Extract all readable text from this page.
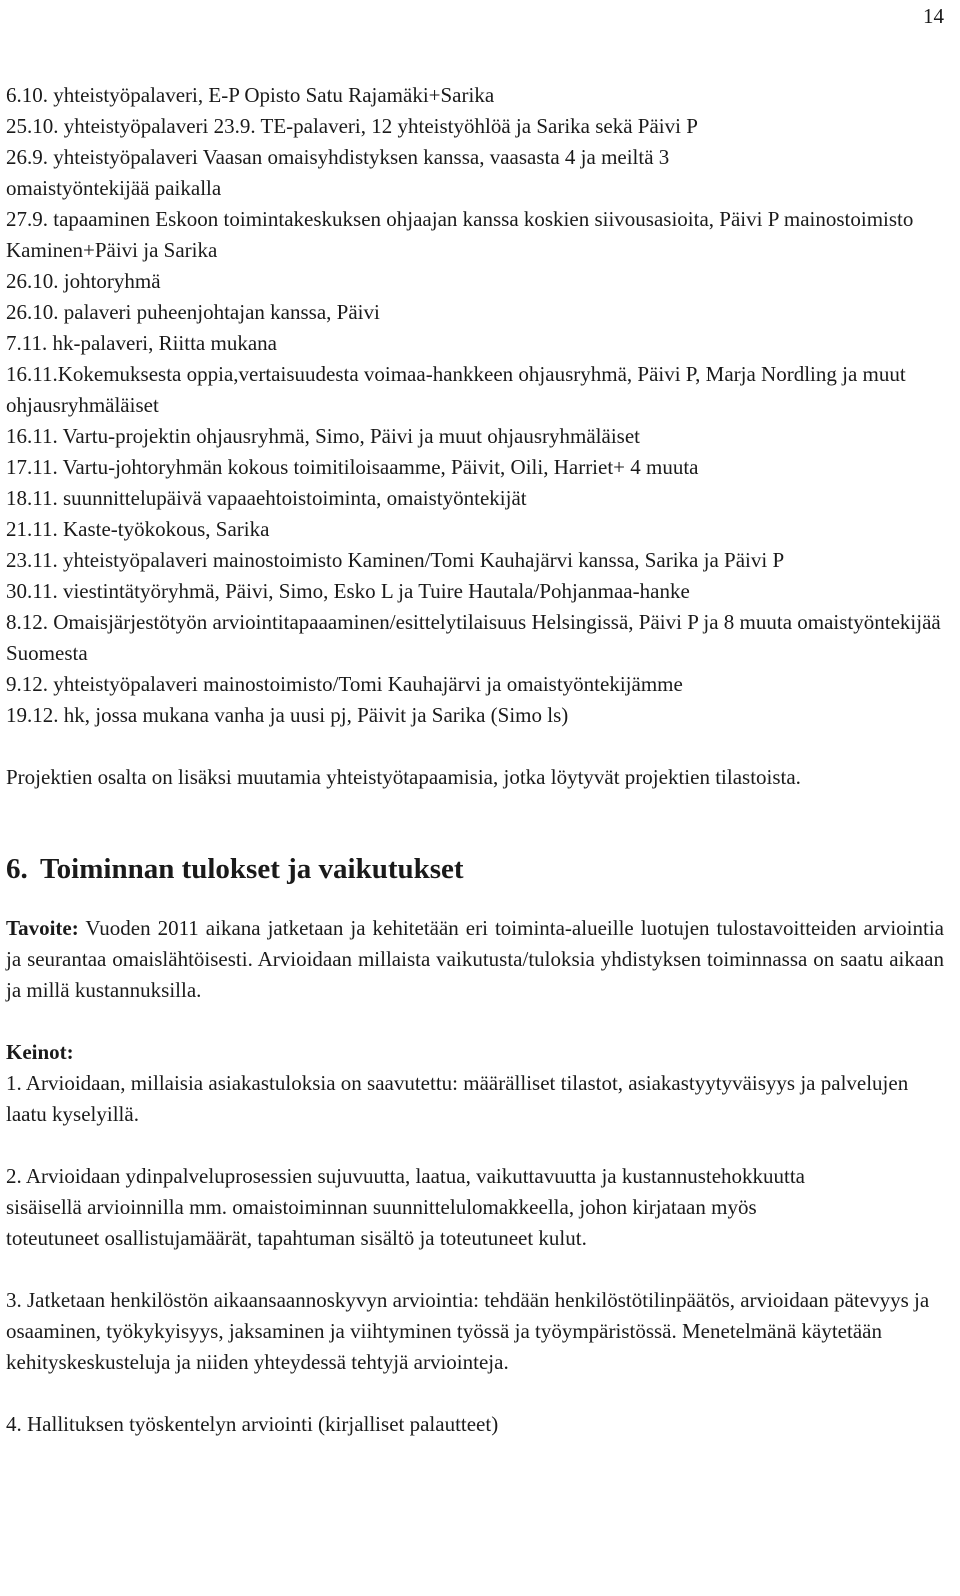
14

6.10. yhteistyöpalaveri, E-P Opisto Satu Rajamäki+Sarika

25.10. yhteistyöpalaveri 23.9. TE-palaveri, 12 yhteistyöhlöä ja Sarika sekä Päivi P

26.9. yhteistyöpalaveri Vaasan omaisyhdistyksen kanssa, vaasasta 4 ja meiltä 3 omaistyöntekijää paikalla

27.9. tapaaminen Eskoon toimintakeskuksen ohjaajan kanssa koskien siivousasioita, Päivi P mainostoimisto Kaminen+Päivi ja Sarika

26.10. johtoryhmä

26.10. palaveri puheenjohtajan kanssa, Päivi

7.11. hk-palaveri, Riitta mukana

16.11.Kokemuksesta oppia,vertaisuudesta voimaa-hankkeen ohjausryhmä, Päivi P, Marja Nordling ja muut ohjausryhmäläiset

16.11. Vartu-projektin ohjausryhmä, Simo, Päivi ja muut ohjausryhmäläiset

17.11. Vartu-johtoryhmän kokous toimitiloisaamme, Päivit, Oili, Harriet+ 4 muuta

18.11. suunnittelupäivä vapaaehtoistoiminta, omaistyöntekijät

21.11. Kaste-työkokous, Sarika

23.11. yhteistyöpalaveri mainostoimisto Kaminen/Tomi Kauhajärvi kanssa, Sarika ja Päivi P

30.11. viestintätyöryhmä, Päivi, Simo, Esko L ja Tuire Hautala/Pohjanmaa-hanke

8.12. Omaisjärjestötyön arviointitapaaaminen/esittelytilaisuus Helsingissä, Päivi P ja 8 muuta omaistyöntekijää Suomesta

9.12. yhteistyöpalaveri mainostoimisto/Tomi Kauhajärvi ja omaistyöntekijämme

19.12. hk, jossa mukana vanha ja uusi pj, Päivit ja Sarika (Simo ls)

Projektien osalta on lisäksi muutamia yhteistyötapaamisia, jotka löytyvät projektien tilastoista.

6. Toiminnan tulokset ja vaikutukset

Tavoite: Vuoden 2011 aikana jatketaan ja kehitetään eri toiminta-alueille luotujen tulostavoitteiden arviointia ja seurantaa omaislähtöisesti. Arvioidaan millaista vaikutusta/tuloksia yhdistyksen toiminnassa on saatu aikaan ja millä kustannuksilla.

Keinot:

1. Arvioidaan, millaisia asiakastuloksia on saavutettu: määrälliset tilastot, asiakastyytyväisyys ja palvelujen laatu kyselyillä.

2. Arvioidaan ydinpalveluprosessien sujuvuutta, laatua, vaikuttavuutta ja kustannustehokkuutta sisäisellä arvioinnilla mm. omaistoiminnan suunnittelulomakkeella, johon kirjataan myös toteutuneet osallistujamäärät, tapahtuman sisältö ja toteutuneet kulut.

3. Jatketaan henkilöstön aikaansaannoskyvyn arviointia: tehdään henkilöstötilinpäätös, arvioidaan pätevyys ja osaaminen, työkykyisyys, jaksaminen ja viihtyminen työssä ja työympäristössä. Menetelmänä käytetään kehityskeskusteluja ja niiden yhteydessä tehtyjä arviointeja.

4. Hallituksen työskentelyn arviointi (kirjalliset palautteet)
